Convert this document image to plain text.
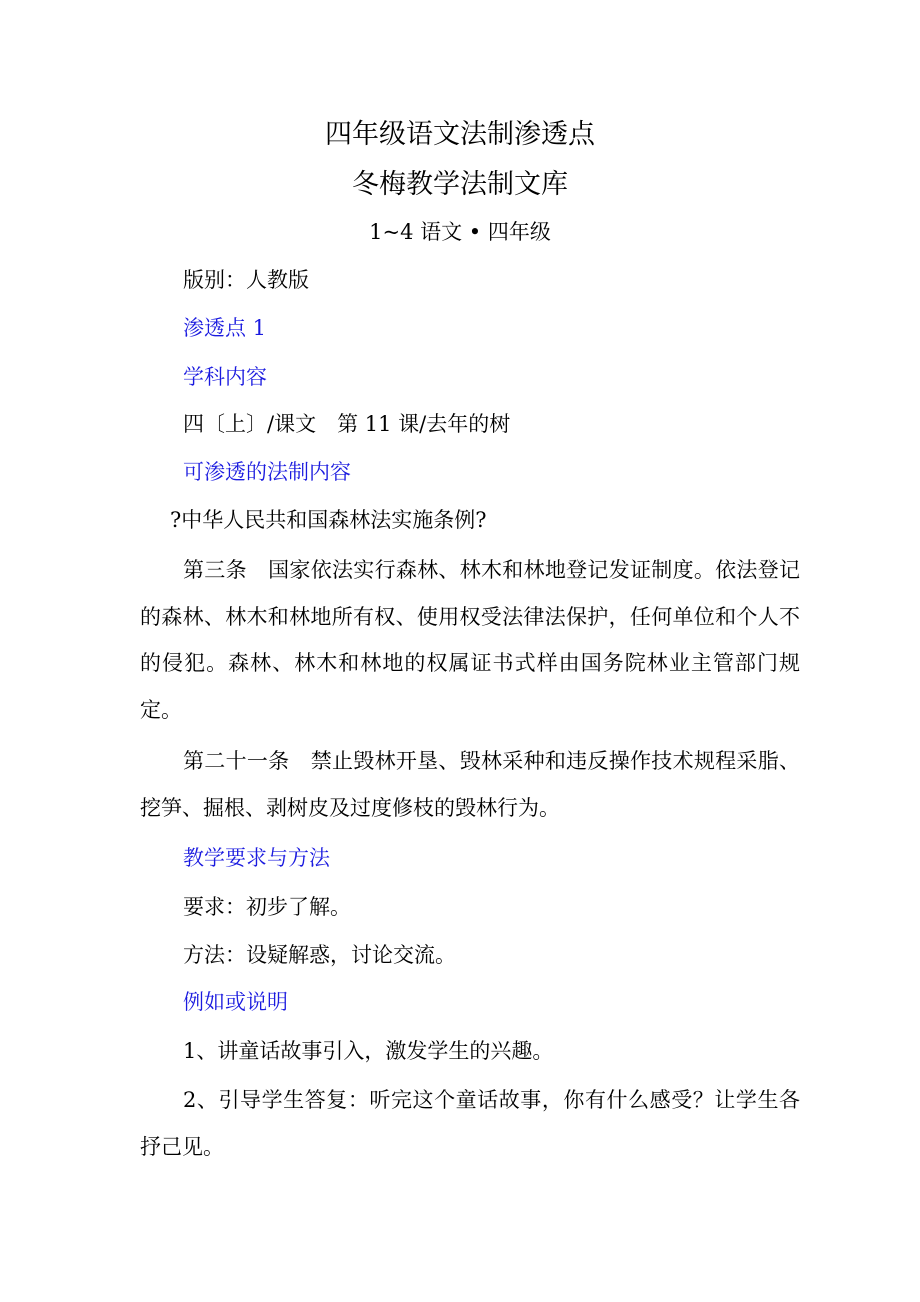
四年级语文法制渗透点
冬梅教学法制文库
1~4 语文 • 四年级
版别：人教版
渗透点 1
学科内容
四〔上〕/课文　第 11 课/去年的树
可渗透的法制内容
?中华人民共和国森林法实施条例?
第三条　国家依法实行森林、林木和林地登记发证制度。依法登记的森林、林木和林地所有权、使用权受法律法保护，任何单位和个人不的侵犯。森林、林木和林地的权属证书式样由国务院林业主管部门规定。
第二十一条　禁止毁林开垦、毁林采种和违反操作技术规程采脂、挖笋、掘根、剥树皮及过度修枝的毁林行为。
教学要求与方法
要求：初步了解。
方法：设疑解惑，讨论交流。
例如或说明
1、讲童话故事引入，激发学生的兴趣。
2、引导学生答复：听完这个童话故事，你有什么感受？让学生各抒己见。
